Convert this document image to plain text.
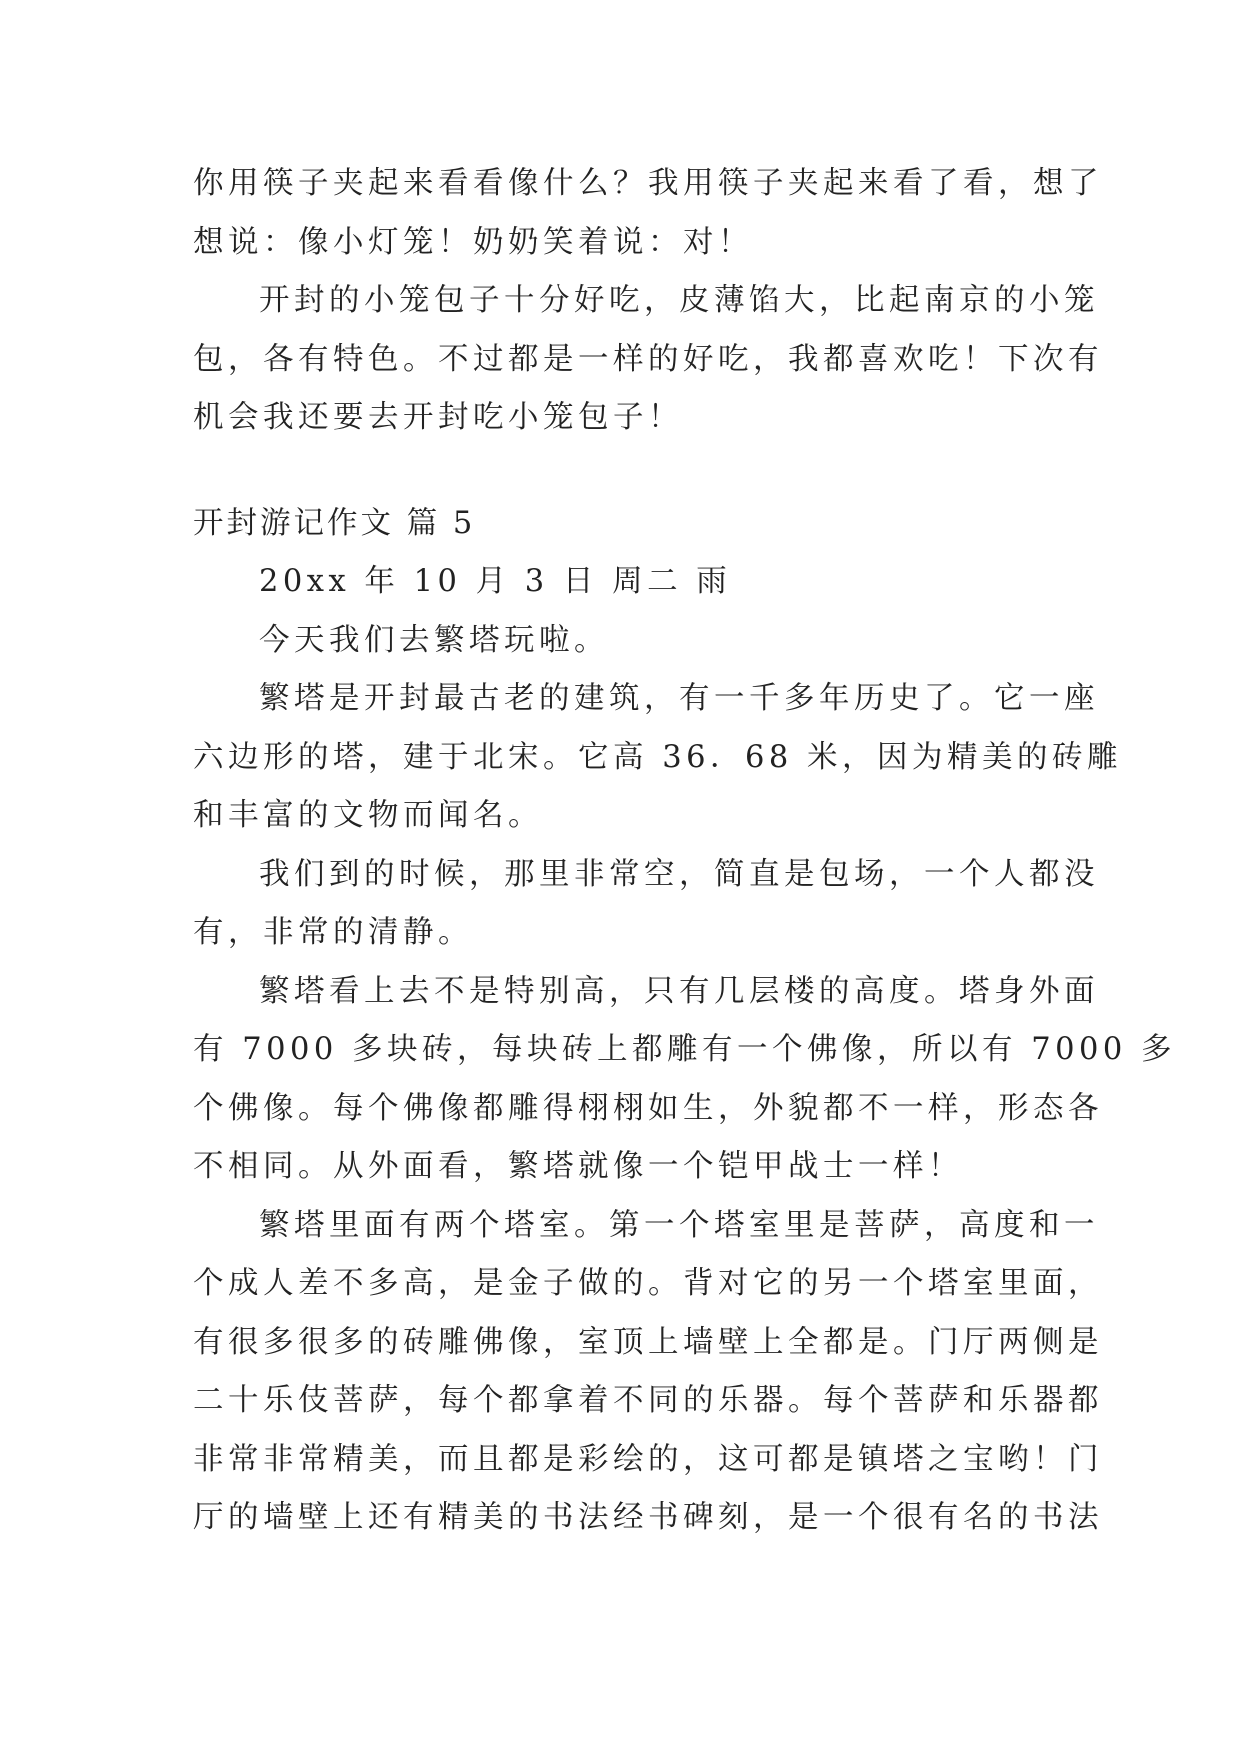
你用筷子夹起来看看像什么？我用筷子夹起来看了看，想了
想说：像小灯笼！奶奶笑着说：对！
开封的小笼包子十分好吃，皮薄馅大，比起南京的小笼
包，各有特色。不过都是一样的好吃，我都喜欢吃！下次有
机会我还要去开封吃小笼包子！
开封游记作文 篇 5
20xx 年 10 月 3 日 周二 雨
今天我们去繁塔玩啦。
繁塔是开封最古老的建筑，有一千多年历史了。它一座
六边形的塔，建于北宋。它高 36．68 米，因为精美的砖雕
和丰富的文物而闻名。
我们到的时候，那里非常空，简直是包场，一个人都没
有，非常的清静。
繁塔看上去不是特别高，只有几层楼的高度。塔身外面
有 7000 多块砖，每块砖上都雕有一个佛像，所以有 7000 多
个佛像。每个佛像都雕得栩栩如生，外貌都不一样，形态各
不相同。从外面看，繁塔就像一个铠甲战士一样！
繁塔里面有两个塔室。第一个塔室里是菩萨，高度和一
个成人差不多高，是金子做的。背对它的另一个塔室里面，
有很多很多的砖雕佛像，室顶上墙壁上全都是。门厅两侧是
二十乐伎菩萨，每个都拿着不同的乐器。每个菩萨和乐器都
非常非常精美，而且都是彩绘的，这可都是镇塔之宝哟！门
厅的墙壁上还有精美的书法经书碑刻，是一个很有名的书法
